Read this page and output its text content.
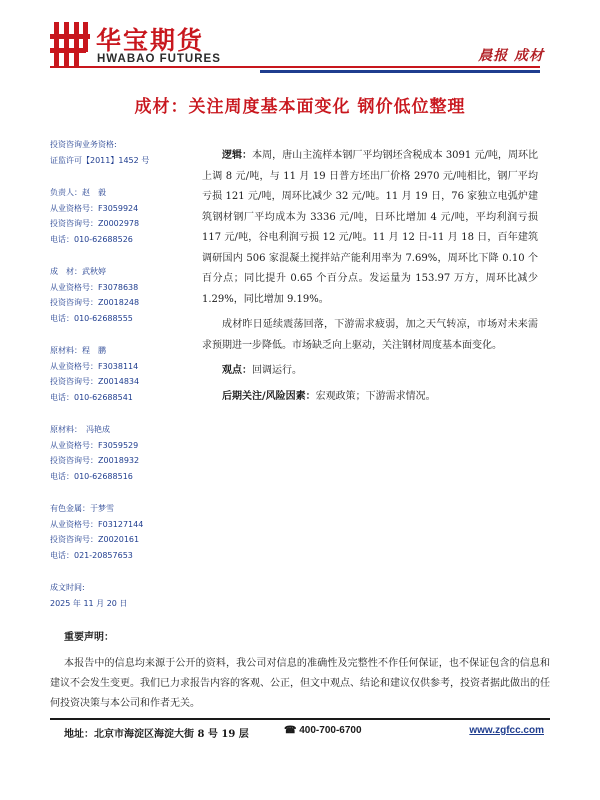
华宝期货
HWABAO FUTURES	晨报 成材
成材：关注周度基本面变化 钢价低位整理
投资咨询业务资格:
证监许可【2011】1452 号
负责人：赵　毅
从业资格号：F3059924
投资咨询号：Z0002978
电话：010-62688526
成　材：武秋婷
从业资格号：F3078638
投资咨询号：Z0018248
电话：010-62688555
原材料：程　鹏
从业资格号：F3038114
投资咨询号：Z0014834
电话：010-62688541
原材料：　冯艳成
从业资格号：F3059529
投资咨询号：Z0018932
电话：010-62688516
有色金属：于梦雪
从业资格号：F03127144
投资咨询号：Z0020161
电话：021-20857653
成文时间:
2025 年 11 月 20 日

逻辑：本周，唐山主流样本钢厂平均钢坯含税成本 3091 元/吨，周环比上调 8 元/吨，与 11 月 19 日普方坯出厂价格 2970 元/吨相比，钢厂平均亏损 121 元/吨，周环比减少 32 元/吨。11 月 19 日，76 家独立电弧炉建筑钢材钢厂平均成本为 3336 元/吨，日环比增加 4 元/吨，平均利润亏损 117 元/吨，谷电利润亏损 12 元/吨。11 月 12 日-11 月 18 日，百年建筑调研国内 506 家混凝土搅拌站产能利用率为 7.69%，周环比下降 0.10 个百分点；同比提升 0.65 个百分点。发运量为 153.97 万方，周环比减少 1.29%，同比增加 9.19%。

成材昨日延续震荡回落，下游需求疲弱，加之天气转凉，市场对未来需求预期进一步降低。市场缺乏向上驱动，关注钢材周度基本面变化。

观点：回调运行。

后期关注/风险因素：宏观政策；下游需求情况。

重要声明：

本报告中的信息均来源于公开的资料，我公司对信息的准确性及完整性不作任何保证，也不保证包含的信息和建议不会发生变更。我们已力求报告内容的客观、公正，但文中观点、结论和建议仅供参考，投资者据此做出的任何投资决策与本公司和作者无关。

地址：北京市海淀区海淀大街 8 号 19 层	☎ 400-700-6700	www.zgfcc.com
